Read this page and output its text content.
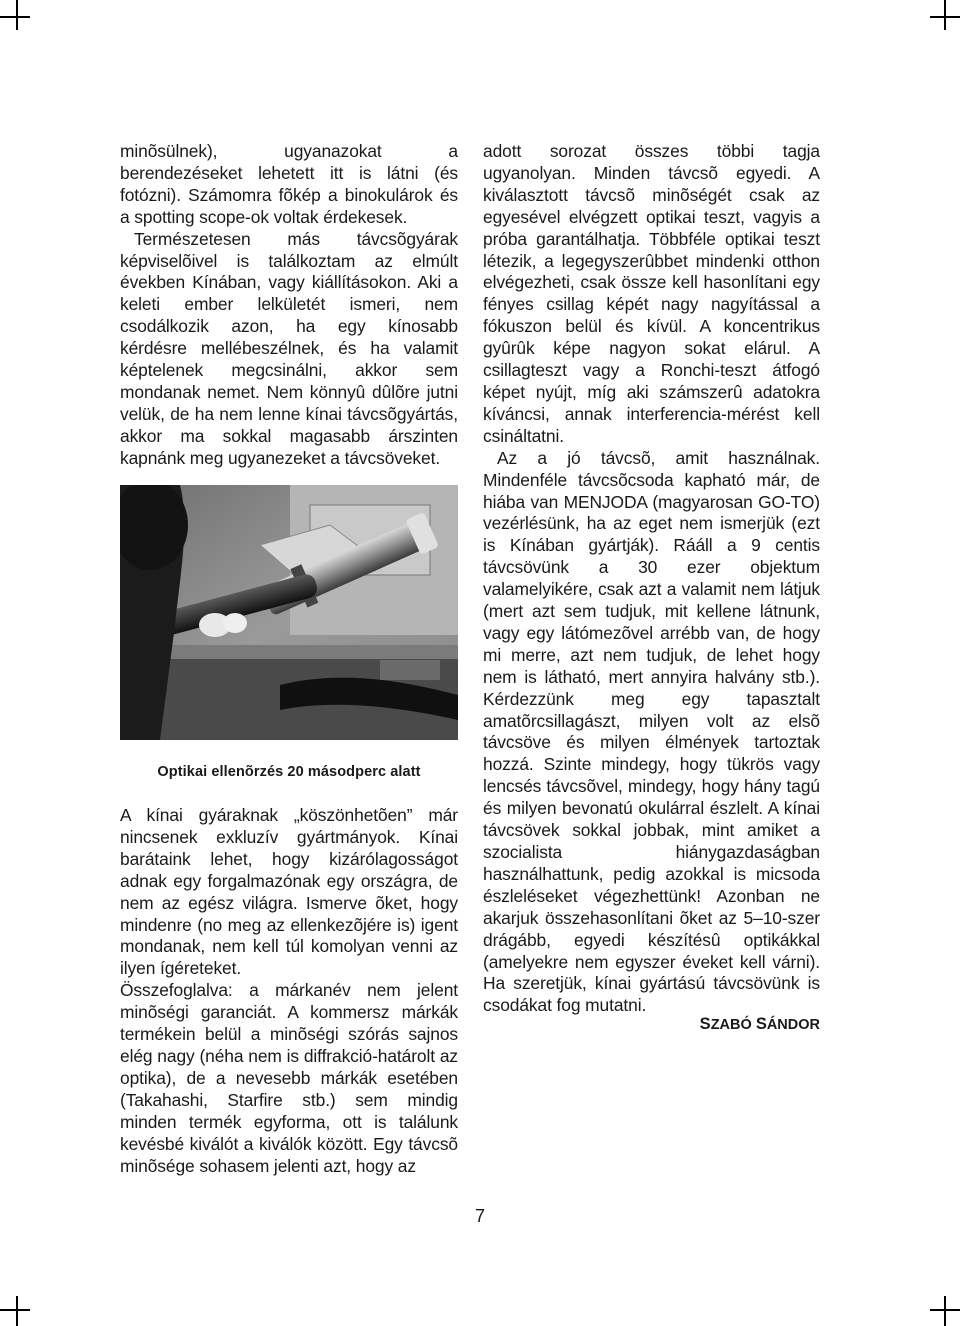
minõsülnek), ugyanazokat a berendezéseket lehetett itt is látni (és fotózni). Számomra fõkép a binokulárok és a spotting scope-ok voltak érdekesek.

Természetesen más távcsõgyárak képviselõivel is találkoztam az elmúlt években Kínában, vagy kiállításokon. Aki a keleti ember lelkületét ismeri, nem csodálkozik azon, ha egy kínosabb kérdésre mellébeszélnek, és ha valamit képtelenek megcsinálni, akkor sem mondanak nemet. Nem könnyû dûlõre jutni velük, de ha nem lenne kínai távcsõgyártás, akkor ma sokkal magasabb árszinten kapnánk meg ugyanezeket a távcsöveket.

Optikai ellenõrzés 20 másodperc alatt

A kínai gyáraknak „köszönhetõen” már nincsenek exkluzív gyártmányok. Kínai barátaink lehet, hogy kizárólagosságot adnak egy forgalmazónak egy országra, de nem az egész világra. Ismerve õket, hogy mindenre (no meg az ellenkezõjére is) igent mondanak, nem kell túl komolyan venni az ilyen ígéreteket.

Összefoglalva: a márkanév nem jelent minõségi garanciát. A kommersz márkák termékein belül a minõségi szórás sajnos elég nagy (néha nem is diffrakció-határolt az optika), de a nevesebb márkák esetében (Takahashi, Starfire stb.) sem mindig minden termék egyforma, ott is találunk kevésbé kiválót a kiválók között. Egy távcsõ minõsége sohasem jelenti azt, hogy az

adott sorozat összes többi tagja ugyanolyan. Minden távcsõ egyedi. A kiválasztott távcsõ minõségét csak az egyesével elvégzett optikai teszt, vagyis a próba garantálhatja. Többféle optikai teszt létezik, a legegyszerûbbet mindenki otthon elvégezheti, csak össze kell hasonlítani egy fényes csillag képét nagy nagyítással a fókuszon belül és kívül. A koncentrikus gyûrûk képe nagyon sokat elárul. A csillagteszt vagy a Ronchi-teszt átfogó képet nyújt, míg aki számszerû adatokra kíváncsi, annak interferencia-mérést kell csináltatni.

Az a jó távcsõ, amit használnak. Mindenféle távcsõcsoda kapható már, de hiába van MENJODA (magyarosan GO-TO) vezérlésünk, ha az eget nem ismerjük (ezt is Kínában gyártják). Rááll a 9 centis távcsövünk a 30 ezer objektum valamelyikére, csak azt a valamit nem látjuk (mert azt sem tudjuk, mit kellene látnunk, vagy egy látómezõvel arrébb van, de hogy mi merre, azt nem tudjuk, de lehet hogy nem is látható, mert annyira halvány stb.). Kérdezzünk meg egy tapasztalt amatõrcsillagászt, milyen volt az elsõ távcsöve és milyen élmények tartoztak hozzá. Szinte mindegy, hogy tükrös vagy lencsés távcsõvel, mindegy, hogy hány tagú és milyen bevonatú okulárral észlelt. A kínai távcsövek sokkal jobbak, mint amiket a szocialista hiánygazdaságban használhattunk, pedig azokkal is micsoda észleléseket végezhettünk! Azonban ne akarjuk összehasonlítani õket az 5–10-szer drágább, egyedi készítésû optikákkal (amelyekre nem egyszer éveket kell várni). Ha szeretjük, kínai gyártású távcsövünk is csodákat fog mutatni.

SZABÓ SÁNDOR
7
